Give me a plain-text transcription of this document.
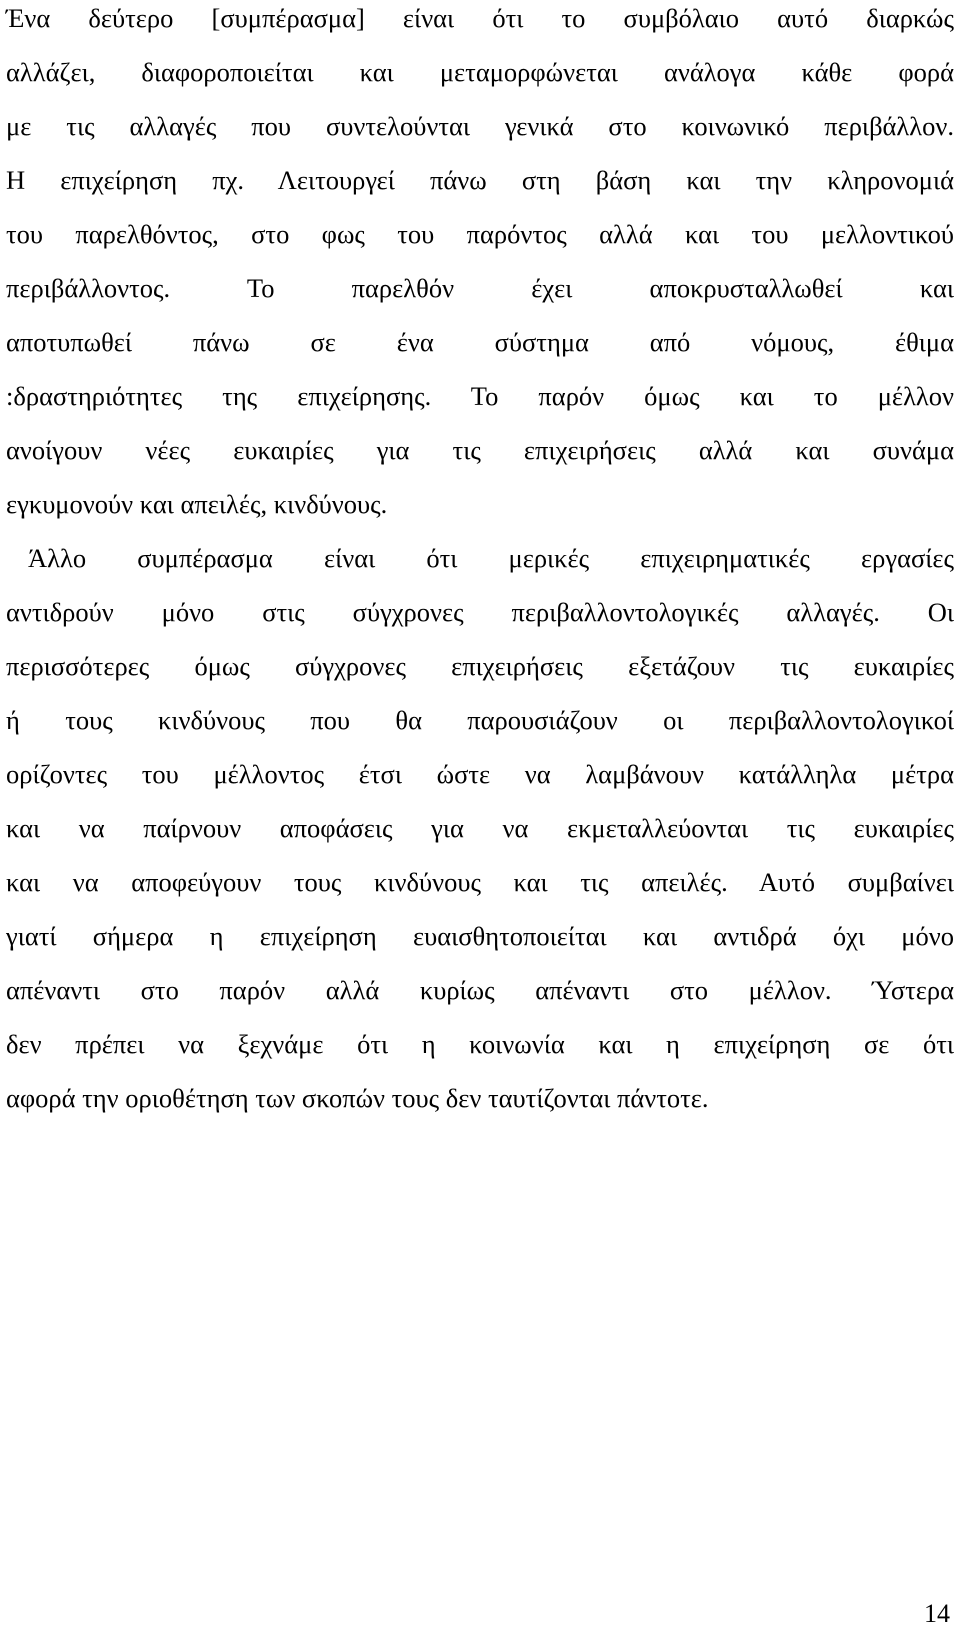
Ένα δεύτερο [συμπέρασμα] είναι ότι το συμβόλαιο αυτό διαρκώς
αλλάζει, διαφοροποιείται και μεταμορφώνεται ανάλογα κάθε φορά
με τις αλλαγές που συντελούνται γενικά στο κοινωνικό περιβάλλον.
Η επιχείρηση πχ. Λειτουργεί πάνω στη βάση και την κληρονομιά
του παρελθόντος, στο φως του παρόντος αλλά και του μελλοντικού
περιβάλλοντος. Το παρελθόν έχει αποκρυσταλλωθεί και
αποτυπωθεί πάνω σε ένα σύστημα από νόμους, έθιμα
:δραστηριότητες της επιχείρησης. Το παρόν όμως και το μέλλον
ανοίγουν νέες ευκαιρίες για τις επιχειρήσεις αλλά και συνάμα
εγκυμονούν και απειλές, κινδύνους.
Άλλο συμπέρασμα είναι ότι μερικές επιχειρηματικές εργασίες
αντιδρούν μόνο στις σύγχρονες περιβαλλοντολογικές αλλαγές. Οι
περισσότερες όμως σύγχρονες επιχειρήσεις εξετάζουν τις ευκαιρίες
ή τους κινδύνους που θα παρουσιάζουν οι περιβαλλοντολογικοί
ορίζοντες του μέλλοντος έτσι ώστε να λαμβάνουν κατάλληλα μέτρα
και να παίρνουν αποφάσεις για να εκμεταλλεύονται τις ευκαιρίες
και να αποφεύγουν τους κινδύνους και τις απειλές. Αυτό συμβαίνει
γιατί σήμερα η επιχείρηση ευαισθητοποιείται και αντιδρά όχι μόνο
απέναντι στο παρόν αλλά κυρίως απέναντι στο μέλλον. Ύστερα
δεν πρέπει να ξεχνάμε ότι η κοινωνία και η επιχείρηση σε ότι
αφορά την οριοθέτηση των σκοπών τους δεν ταυτίζονται πάντοτε.
14
